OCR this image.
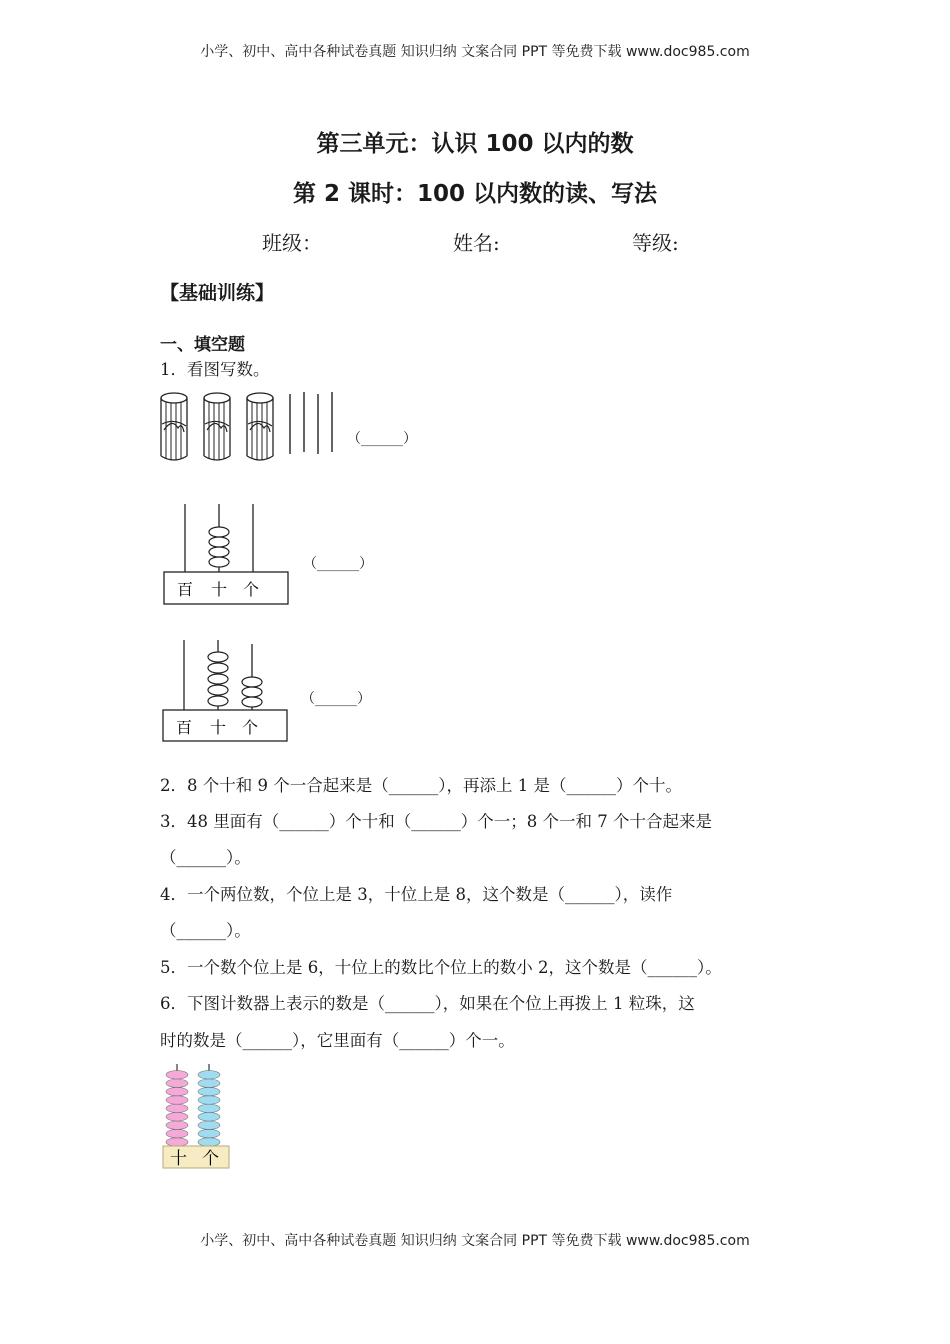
小学、初中、高中各种试卷真题 知识归纳 文案合同 PPT 等免费下载 www.doc985.com
第三单元：认识 100 以内的数
第 2 课时：100 以内数的读、写法
班级：	姓名:	等级:
【基础训练】
一、填空题
1．看图写数。
（______）
百 十 个
（______）
百 十 个
（______）
2．8 个十和 9 个一合起来是（______），再添上 1 是（______）个十。
3．48 里面有（______）个十和（______）个一；8 个一和 7 个十合起来是
（______）。
4．一个两位数，个位上是 3，十位上是 8，这个数是（______），读作
（______）。
5．一个数个位上是 6，十位上的数比个位上的数小 2，这个数是（______）。
6．下图计数器上表示的数是（______），如果在个位上再拨上 1 粒珠，这
时的数是（______），它里面有（______）个一。
十 个
小学、初中、高中各种试卷真题 知识归纳 文案合同 PPT 等免费下载 www.doc985.com
